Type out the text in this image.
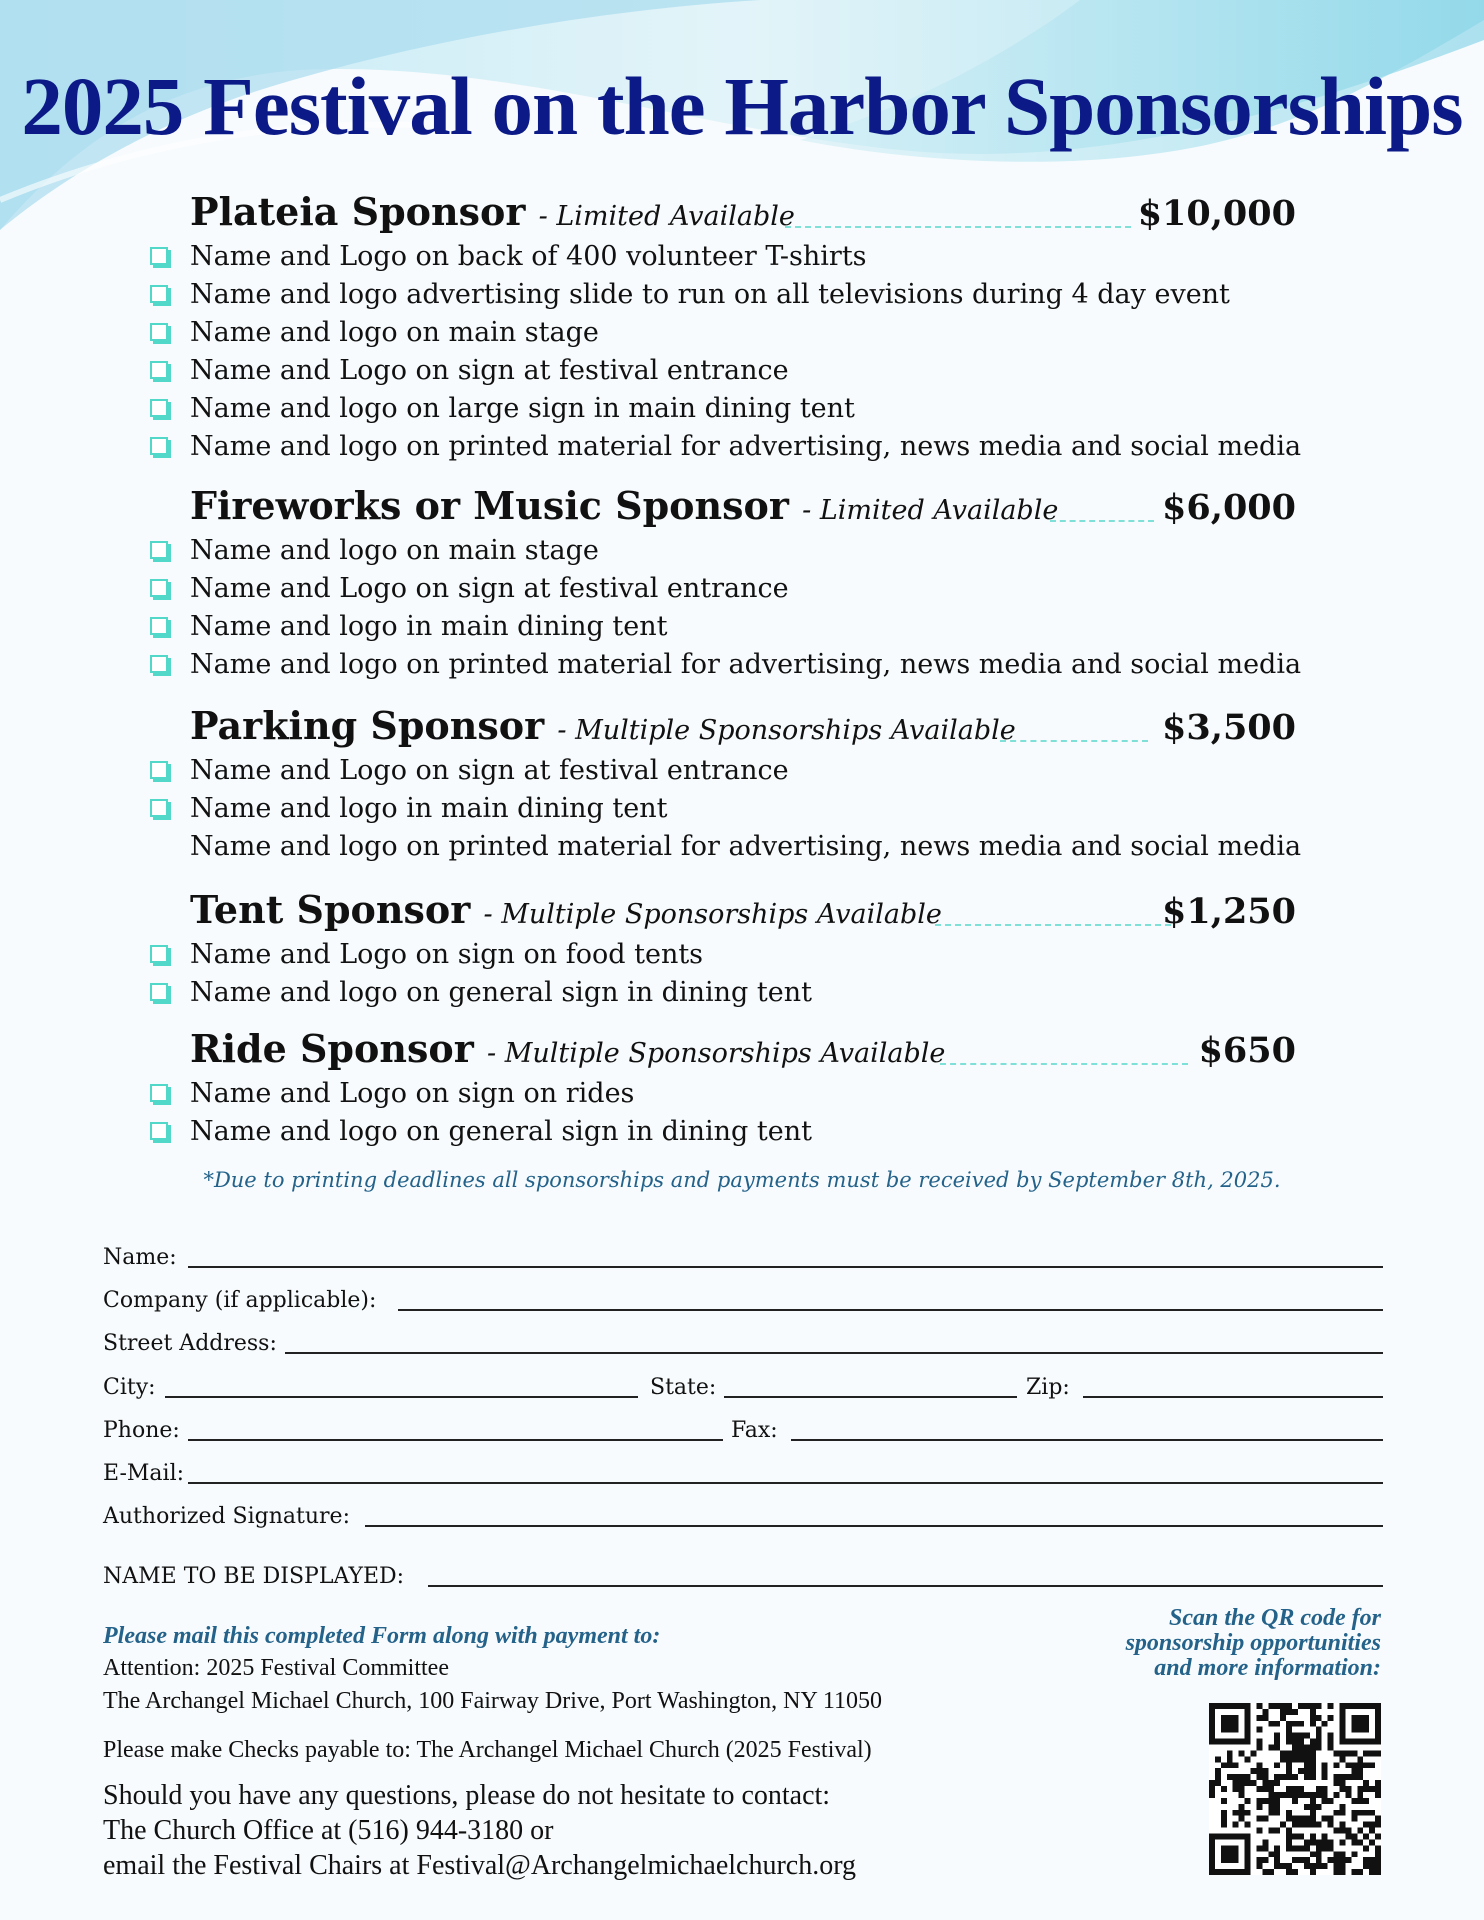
2025 Festival on the Harbor Sponsorships
Plateia Sponsor - Limited Available	$10,000
Name and Logo on back of 400 volunteer T-shirts
Name and logo advertising slide to run on all televisions during 4 day event
Name and logo on main stage
Name and Logo on sign at festival entrance
Name and logo on large sign in main dining tent
Name and logo on printed material for advertising, news media and social media
Fireworks or Music Sponsor - Limited Available	$6,000
Name and logo on main stage
Name and Logo on sign at festival entrance
Name and logo in main dining tent
Name and logo on printed material for advertising, news media and social media
Parking Sponsor - Multiple Sponsorships Available	$3,500
Name and Logo on sign at festival entrance
Name and logo in main dining tent
Name and logo on printed material for advertising, news media and social media
Tent Sponsor - Multiple Sponsorships Available	$1,250
Name and Logo on sign on food tents
Name and logo on general sign in dining tent
Ride Sponsor - Multiple Sponsorships Available	$650
Name and Logo on sign on rides
Name and logo on general sign in dining tent
*Due to printing deadlines all sponsorships and payments must be received by September 8th, 2025.
Name:
Company (if applicable):
Street Address:
City:	State:	Zip:
Phone:	Fax:
E-Mail:
Authorized Signature:
NAME TO BE DISPLAYED:
Please mail this completed Form along with payment to:
Attention: 2025 Festival Committee
The Archangel Michael Church, 100 Fairway Drive, Port Washington, NY 11050
Please make Checks payable to: The Archangel Michael Church (2025 Festival)
Should you have any questions, please do not hesitate to contact:
The Church Office at (516) 944-3180 or
email the Festival Chairs at Festival@Archangelmichaelchurch.org
Scan the QR code for
sponsorship opportunities
and more information:
